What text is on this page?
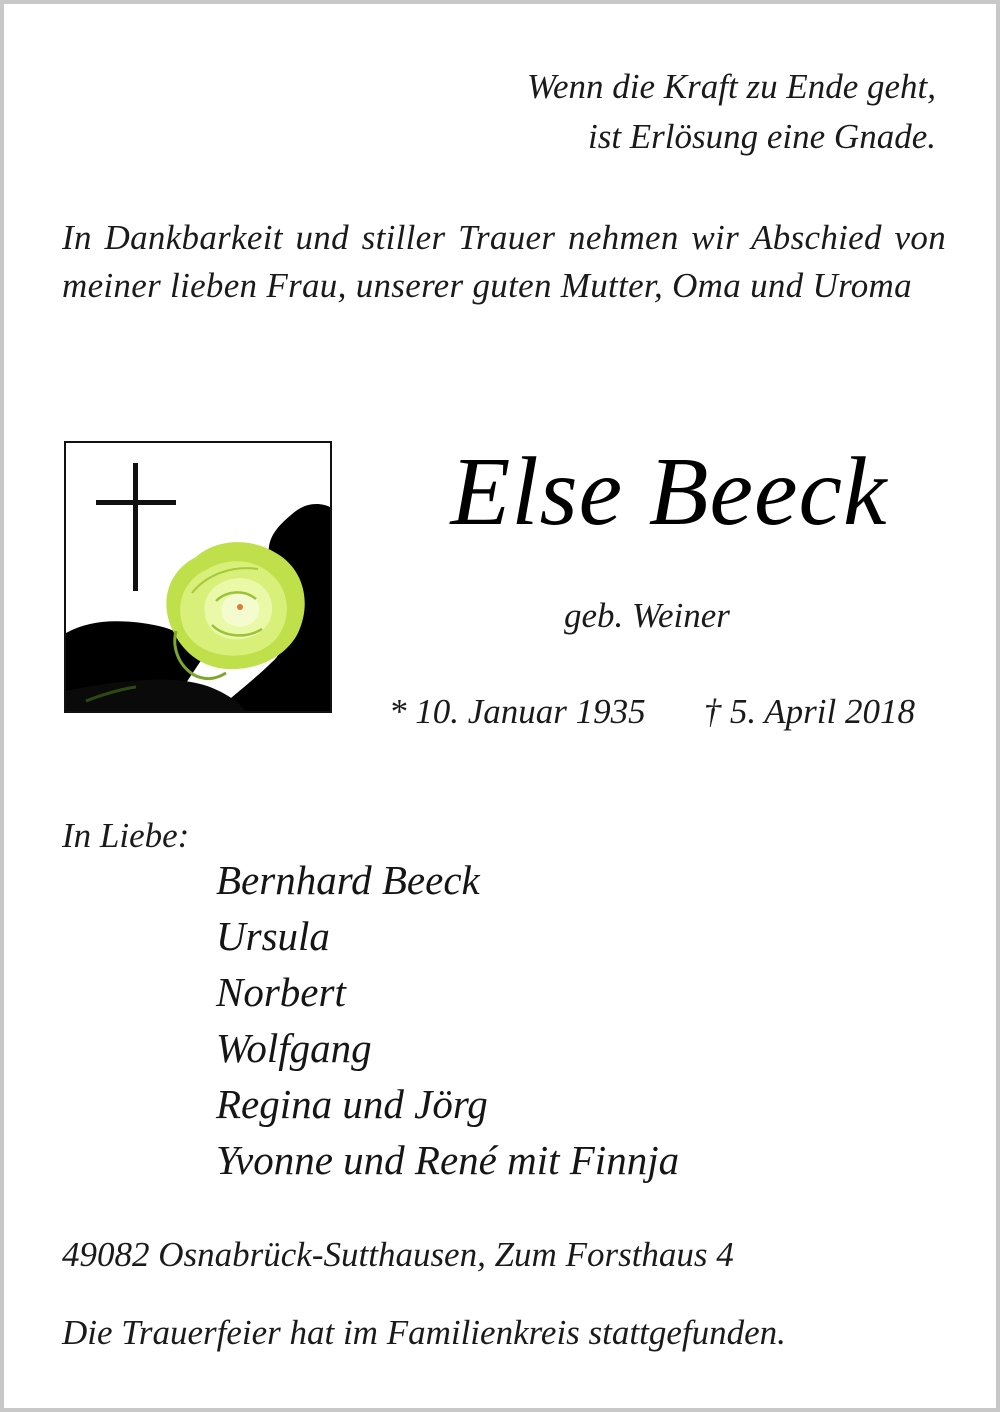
Wenn die Kraft zu Ende geht,
ist Erlösung eine Gnade.
In Dankbarkeit und stiller Trauer nehmen wir Abschied von meiner lieben Frau, unserer guten Mutter, Oma und Uroma
Else Beeck
geb. Weiner
* 10. Januar 1935 † 5. April 2018
In Liebe:
Bernhard Beeck
Ursula
Norbert
Wolfgang
Regina und Jörg
Yvonne und René mit Finnja
49082 Osnabrück-Sutthausen, Zum Forsthaus 4
Die Trauerfeier hat im Familienkreis stattgefunden.
